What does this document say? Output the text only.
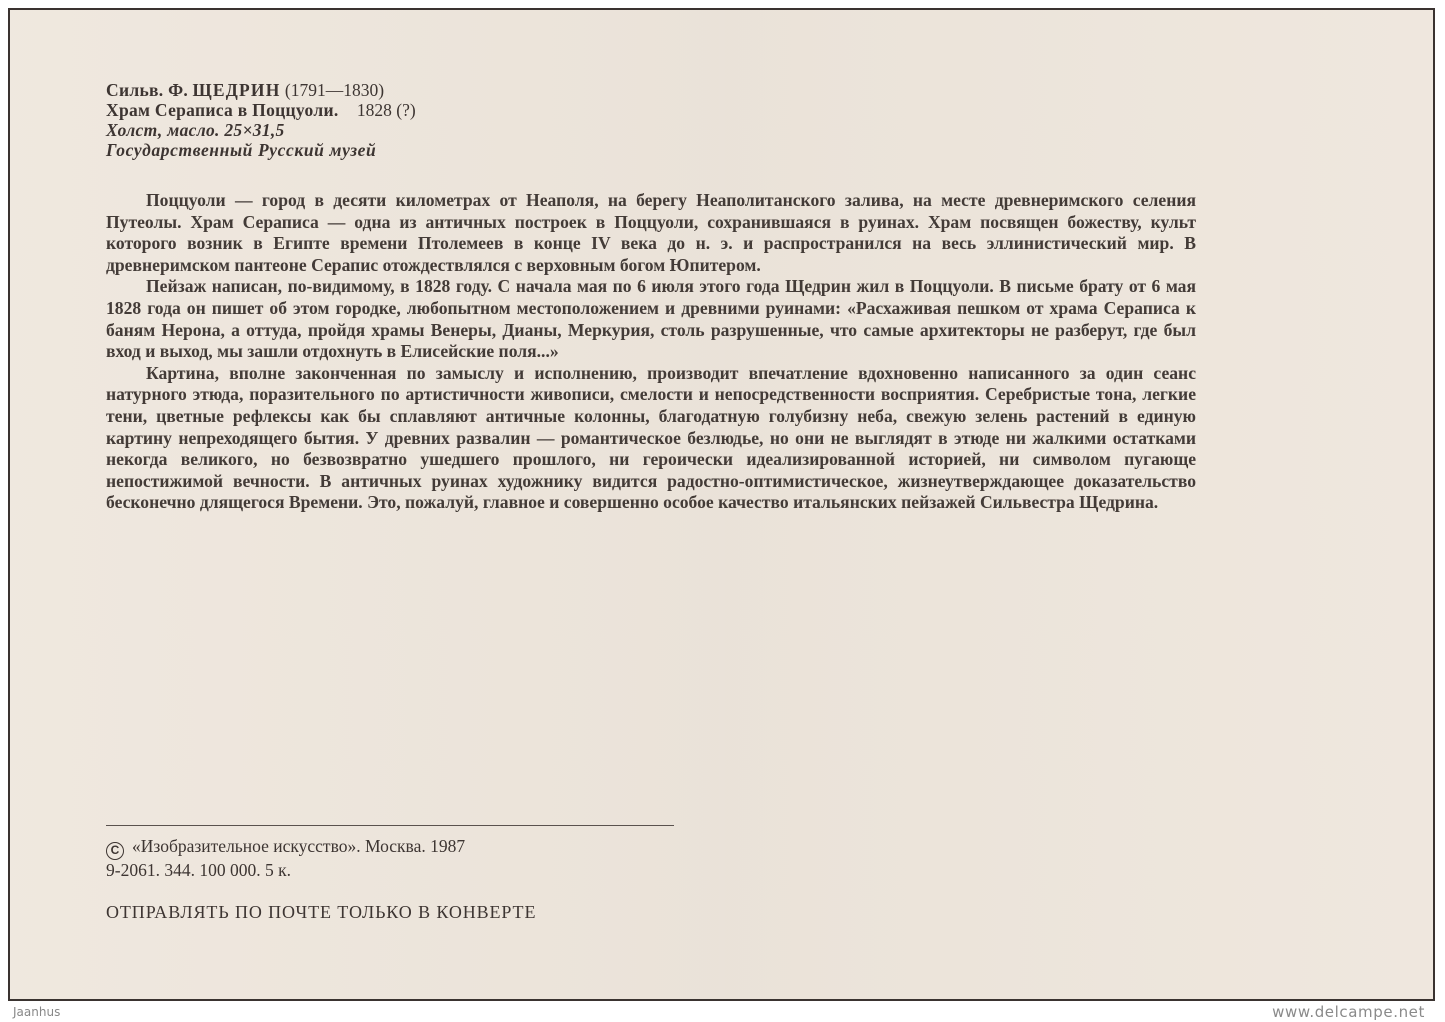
Сильв. Ф. ЩЕДРИН (1791—1830)
Храм Сераписа в Поццуоли. 1828 (?)
Холст, масло. 25×31,5
Государственный Русский музей

Поццуоли — город в десяти километрах от Неаполя, на берегу Неаполитанского залива, на месте древнеримского селения Путеолы. Храм Сераписа — одна из античных построек в Поццуоли, сохранившаяся в руинах. Храм посвящен божеству, культ которого возник в Египте времени Птолемеев в конце IV века до н. э. и распространился на весь эллинистический мир. В древнеримском пантеоне Серапис отождествлялся с верховным богом Юпитером.

Пейзаж написан, по-видимому, в 1828 году. С начала мая по 6 июля этого года Щедрин жил в Поццуоли. В письме брату от 6 мая 1828 года он пишет об этом городке, любопытном местоположением и древними руинами: «Расхаживая пешком от храма Сераписа к баням Нерона, а оттуда, пройдя храмы Венеры, Дианы, Меркурия, столь разрушенные, что самые архитекторы не разберут, где был вход и выход, мы зашли отдохнуть в Елисейские поля...»

Картина, вполне законченная по замыслу и исполнению, производит впечатление вдохновенно написанного за один сеанс натурного этюда, поразительного по артистичности живописи, смелости и непосредственности восприятия. Серебристые тона, легкие тени, цветные рефлексы как бы сплавляют античные колонны, благодатную голубизну неба, свежую зелень растений в единую картину непреходящего бытия. У древних развалин — романтическое безлюдье, но они не выглядят в этюде ни жалкими остатками некогда великого, но безвозвратно ушедшего прошлого, ни героически идеализированной историей, ни символом пугающе непостижимой вечности. В античных руинах художнику видится радостно-оптимистическое, жизнеутверждающее доказательство бесконечно длящегося Времени. Это, пожалуй, главное и совершенно особое качество итальянских пейзажей Сильвестра Щедрина.

C «Изобразительное искусство». Москва. 1987
9-2061. 344. 100 000. 5 к.
ОТПРАВЛЯТЬ ПО ПОЧТЕ ТОЛЬКО В КОНВЕРТЕ
Jaanhus	www.delcampe.net
